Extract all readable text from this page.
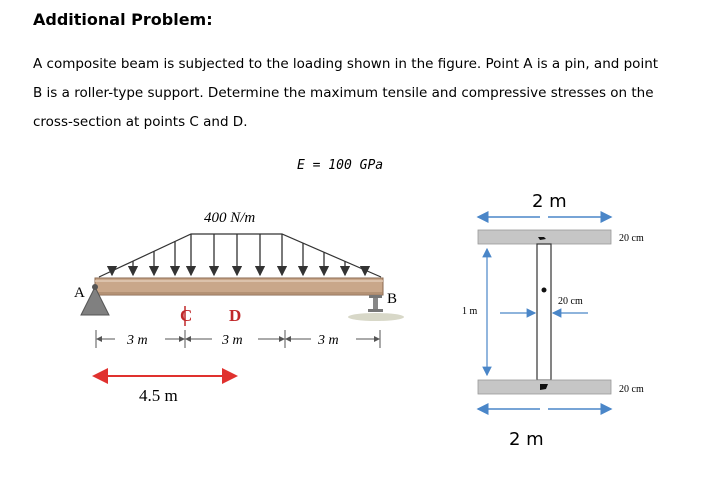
Additional Problem:
A composite beam is subjected to the loading shown in the figure. Point A is a pin, and point
B is a roller-type support. Determine the maximum tensile and compressive stresses on the
cross-section at points C and D.
E = 100 GPa
400 N/m
A	B
C D
3 m	3 m	3 m
4.5 m
2 m
1 m
20 cm
20 cm
20 cm
2 m
